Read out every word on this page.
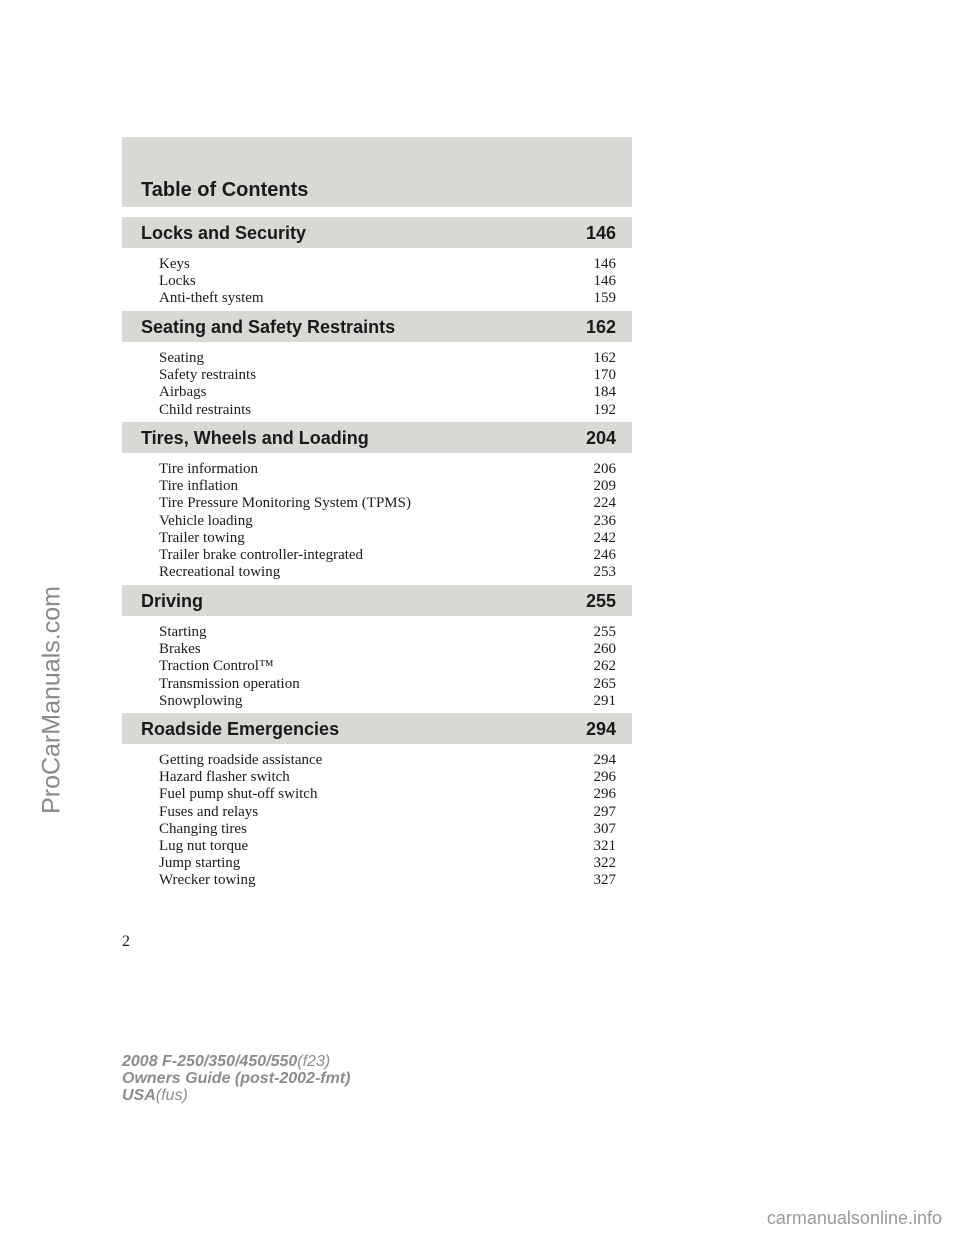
Table of Contents
Locks and Security	146
Keys	146
Locks	146
Anti-theft system	159
Seating and Safety Restraints	162
Seating	162
Safety restraints	170
Airbags	184
Child restraints	192
Tires, Wheels and Loading	204
Tire information	206
Tire inflation	209
Tire Pressure Monitoring System (TPMS)	224
Vehicle loading	236
Trailer towing	242
Trailer brake controller-integrated	246
Recreational towing	253
Driving	255
Starting	255
Brakes	260
Traction Control™	262
Transmission operation	265
Snowplowing	291
Roadside Emergencies	294
Getting roadside assistance	294
Hazard flasher switch	296
Fuel pump shut-off switch	296
Fuses and relays	297
Changing tires	307
Lug nut torque	321
Jump starting	322
Wrecker towing	327
2
2008 F-250/350/450/550(f23)
Owners Guide (post-2002-fmt)
USA(fus)
ProCarManuals.com
carmanualsonline.info
